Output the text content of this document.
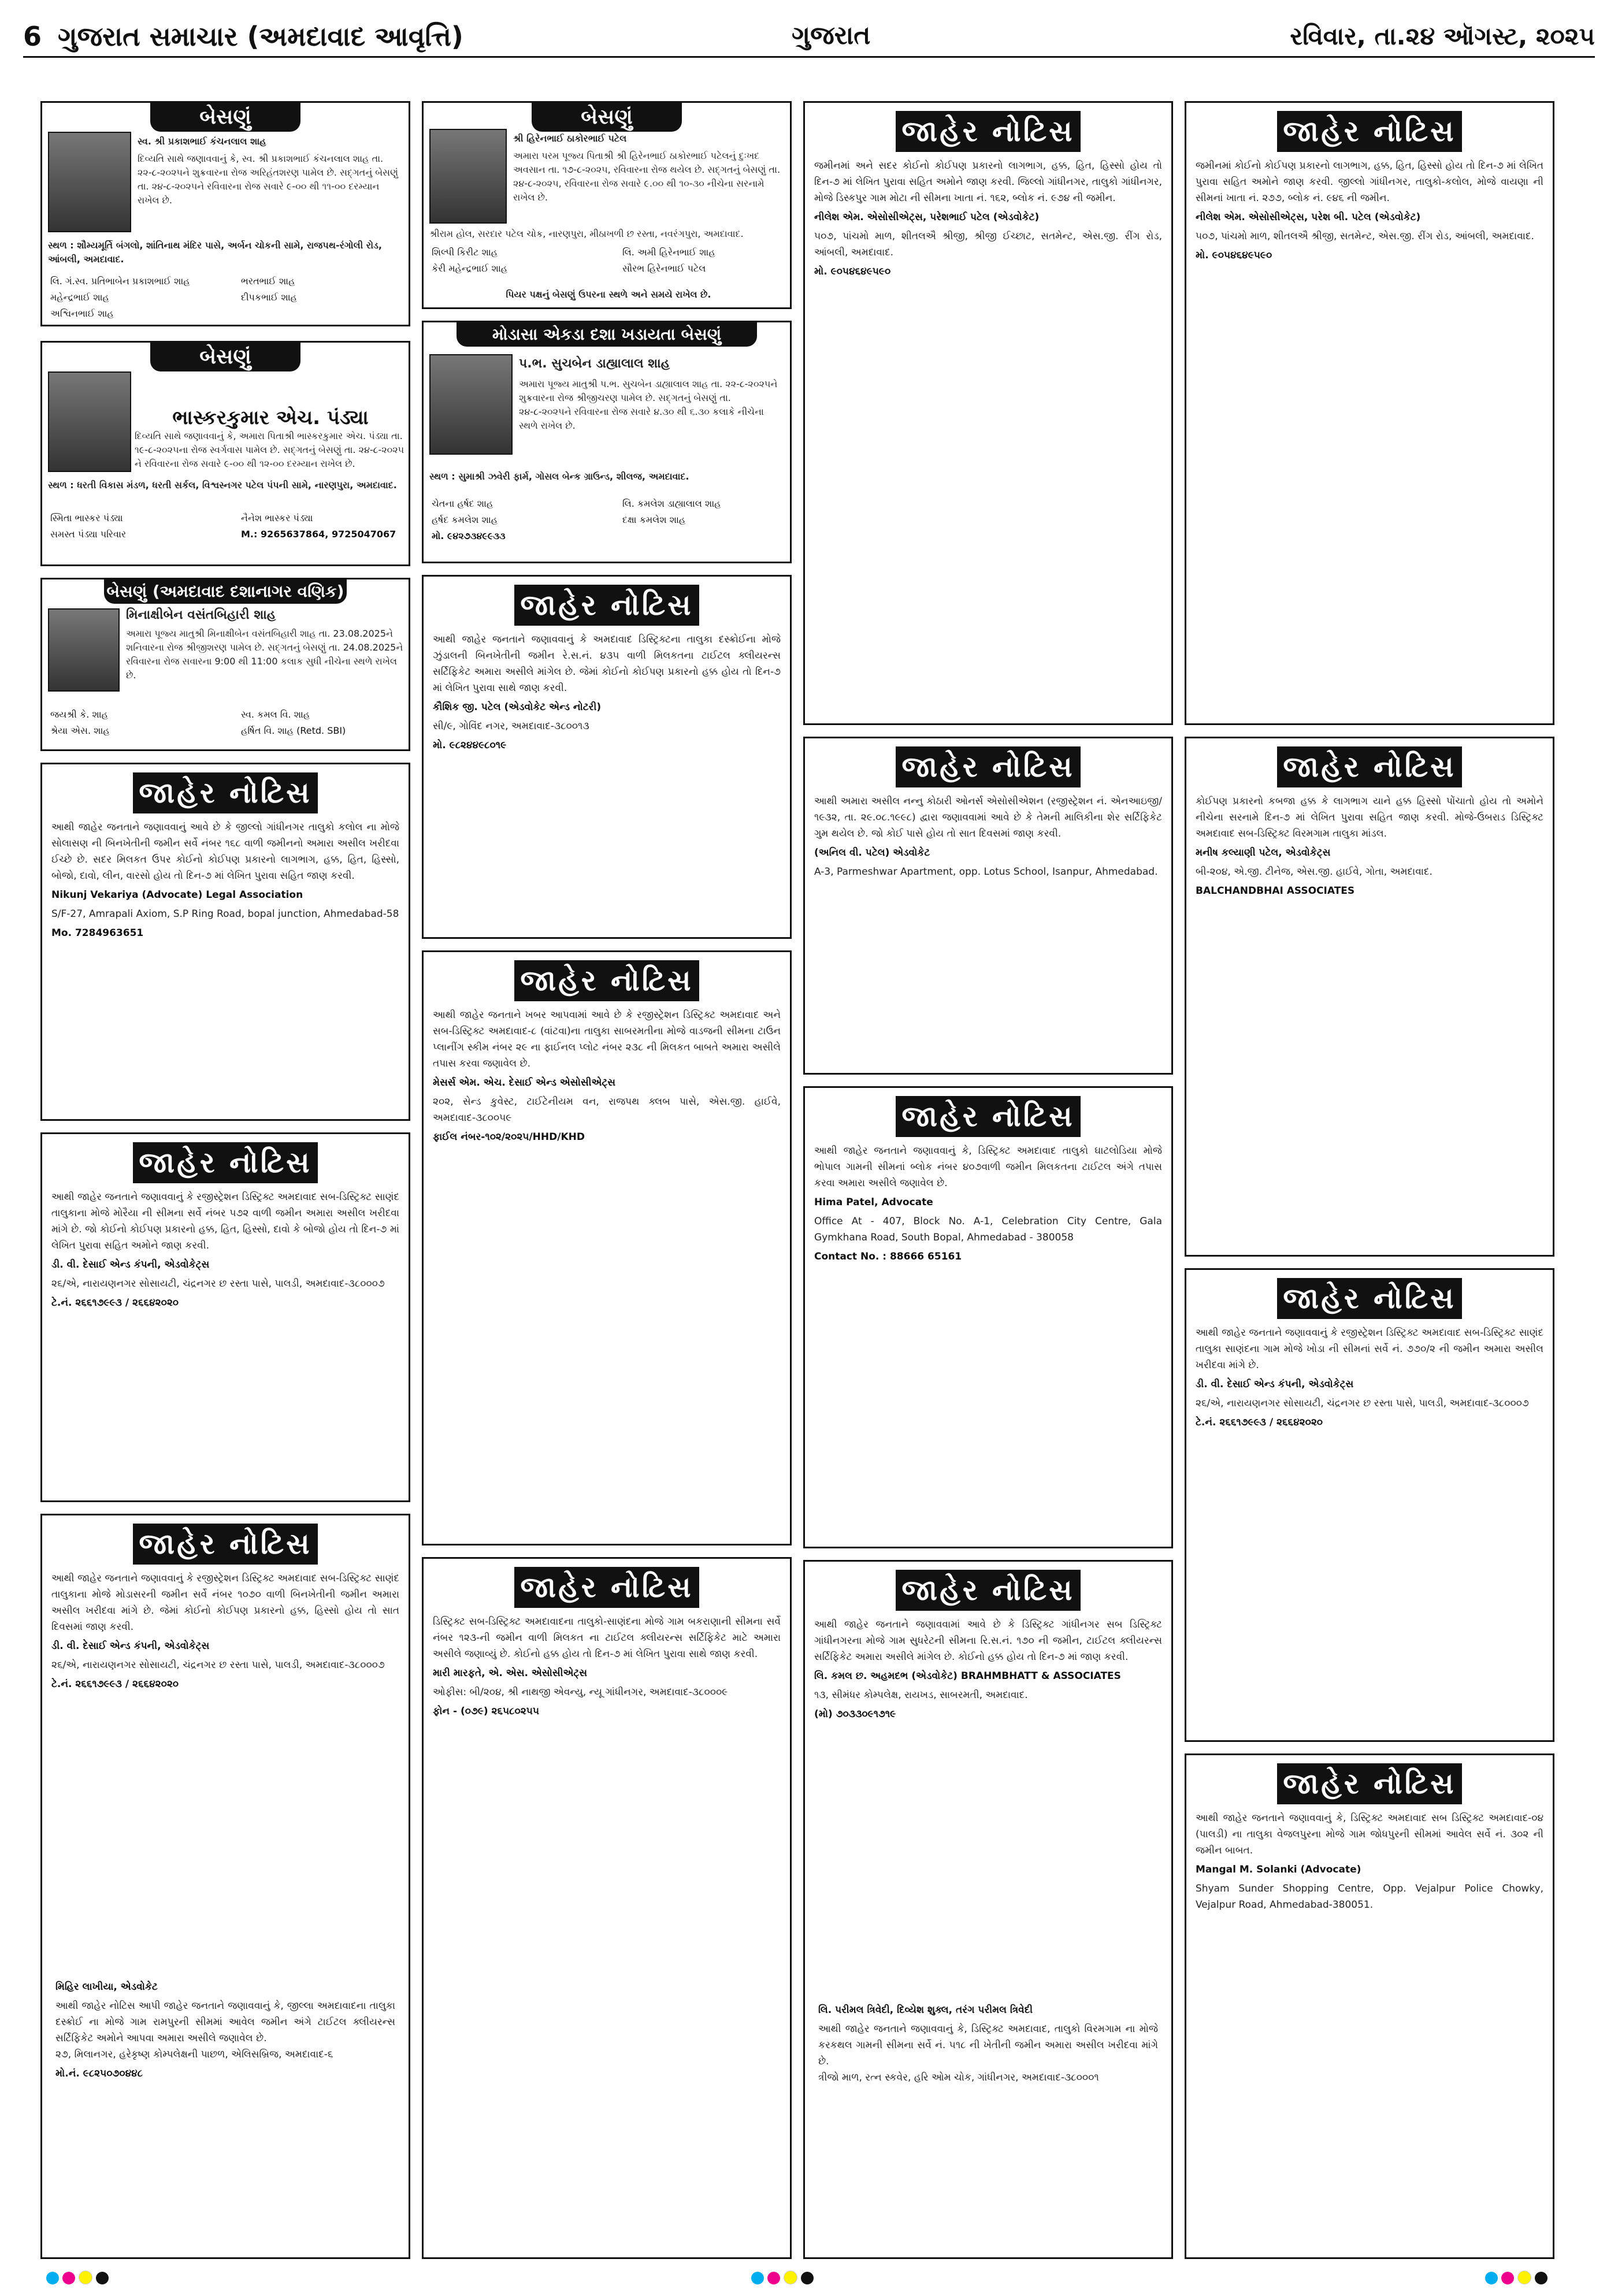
6 ગુજરાત સમાચાર (અમદાવાદ આવૃત્તિ)	ગુજરાત	રવિવાર, તા.૨૪ ઑગસ્ટ, ૨૦૨૫
બેસણું
સ્વ. શ્રી પ્રકાશભાઈ કંચનલાલ શાહ
દિવ્યતિ સાથે જણાવવાનું કે, સ્વ. શ્રી પ્રકાશભાઈ કંચનલાલ શાહ તા. ૨૨-૮-૨૦૨૫ને શુક્રવારના રોજ અરિહંતશરણ પામેલ છે. સદ્‌ગતનું બેસણું તા. ૨૪-૮-૨૦૨૫ને રવિવારના રોજ સવારે ૯-૦૦ થી ૧૧-૦૦ દરમ્યાન રાખેલ છે.
સ્થળ : શૌમ્યમૂર્તિ બંગલો, શાંતિનાથ મંદિર પાસે, અર્બન ચોકની સામે, રાજપથ-રંગોલી રોડ, આંબલી, અમદાવાદ.
લિ. ગં.સ્વ. પ્રતિભાબેન પ્રકાશભાઈ શાહ	ભરતભાઈ શાહ
મહેન્દ્રભાઈ શાહ	દીપકભાઈ શાહ
અશ્વિનભાઈ શાહ
બેસણું
ભાસ્કરકુમાર એચ. પંડ્યા
દિવ્યતિ સાથે જણાવવાનું કે, અમારા પિતાશ્રી ભાસ્કરકુમાર એચ. પંડ્યા તા. ૧૯-૮-૨૦૨૫ના રોજ સ્વર્ગવાસ પામેલ છે. સદ્‌ગતનું બેસણું તા. ૨૪-૮-૨૦૨૫ ને રવિવારના રોજ સવારે ૯-૦૦ થી ૧૨-૦૦ દરમ્યાન રાખેલ છે.
સ્થળ : ધરતી વિકાસ મંડળ, ધરતી સર્કલ, વિશ્વસ્નગર પટેલ પંપની સામે, નારણપુરા, અમદાવાદ.
સ્મિતા ભાસ્કર પંડ્યા	નૈનેશ ભાસ્કર પંડ્યા
સમસ્ત પંડ્યા પરિવાર	M.: 9265637864, 9725047067
બેસણું (અમદાવાદ દશાનાગર વણિક)
મિનાક્ષીબેન વસંતબિહારી શાહ
અમારા પૂજ્ય માતુશ્રી મિનાક્ષીબેન વસંતબિહારી શાહ તા. 23.08.2025ને શનિવારના રોજ શ્રીજીશરણ પામેલ છે. સદ્‌ગતનું બેસણું તા. 24.08.2025ને રવિવારના રોજ સવારના 9:00 થી 11:00 કલાક સુધી નીચેના સ્થળે રાખેલ છે.
જયશ્રી કે. શાહ	સ્વ. કમલ વિ. શાહ
શ્રેયા એસ. શાહ	હર્ષિત વિ. શાહ (Retd. SBI)
બેસણું
શ્રી હિરેનભાઈ ઠાકોરભાઈ પટેલ
અમારા પરમ પૂજ્ય પિતાશ્રી શ્રી હિરેનભાઈ ઠાકોરભાઈ પટેલનું દુઃખદ અવસાન તા. ૧૭-૮-૨૦૨૫, રવિવારના રોજ થયેલ છે. સદ્‌ગતનું બેસણું તા. ૨૪-૮-૨૦૨૫, રવિવારના રોજ સવારે ૯.૦૦ થી ૧૦-૩૦ નીચેના સરનામે રાખેલ છે.
શ્રીરામ હોલ, સરદાર પટેલ ચોક, નારણપુરા, મીઠાખળી છ રસ્તા, નવરંગપુરા, અમદાવાદ.
શિલ્પી કિરીટ શાહ	લિ. અમી હિરેનભાઈ શાહ
કેરી મહેન્દ્રભાઈ શાહ	સૌરભ હિરેનભાઈ પટેલ
પિયર પક્ષનું બેસણું ઉપરના સ્થળે અને સમયે રાખેલ છે.
મોડાસા એકડા દશા ખડાયતા બેસણું
પ.ભ. સુચબેન ડાહ્યાલાલ શાહ
અમારા પૂજ્ય માતુશ્રી પ.ભ. સુચબેન ડાહ્યાલાલ શાહ તા. ૨૨-૮-૨૦૨૫ને શુક્રવારના રોજ શ્રીજીચરણ પામેલ છે. સદ્‌ગતનું બેસણું તા. ૨૪-૮-૨૦૨૫ને રવિવારના રોજ સવારે ૪.૩૦ થી ૬.૩૦ કલાકે નીચેના સ્થળે રાખેલ છે.
સ્થળ : સુમાશ્રી ઝવેરી ફાર્મ, ગોસલ બેન્ક ગ્રાઉન્ડ, શીલજ, અમદાવાદ.
ચેતના હર્ષદ શાહ	લિ. કમલેશ ડાહ્યાલાલ શાહ
હર્ષદ કમલેશ શાહ	દક્ષા કમલેશ શાહ
મો. ૯૪૨૭૩૪૯૯૩૩
જાહેર નોટિસ
આથી જાહેર જનતાને જણાવવાનું આવે છે કે જીલ્લો ગાંધીનગર તાલુકો કલોલ ના મોજે સોલાસણ ની બિનખેતીની જમીન સર્વે નંબર ૧૬૮ વાળી જમીનનો અમારા અસીલ ખરીદવા ઈચ્છે છે. સદર મિલકત ઉપર કોઈનો કોઈપણ પ્રકારનો લાગભાગ, હક્ક, હિત, હિસ્સો, બોજો, દાવો, લીન, વારસો હોય તો દિન-૭ માં લેખિત પુરાવા સહિત જાણ કરવી.
Nikunj Vekariya (Advocate) Legal Association
S/F-27, Amrapali Axiom, S.P Ring Road, bopal junction, Ahmedabad-58
Mo. 7284963651
જાહેર નોટિસ
આથી જાહેર જનતાને જણાવવાનું કે રજીસ્ટ્રેશન ડિસ્ટ્રિક્ટ અમદાવાદ સબ-ડિસ્ટ્રિક્ટ સાણંદ તાલુકાના મોજે મોરૈયા ની સીમના સર્વે નંબર ૫૭૨ વાળી જમીન અમારા અસીલ ખરીદવા માંગે છે. જો કોઈનો કોઈપણ પ્રકારનો હક્ક, હિત, હિસ્સો, દાવો કે બોજો હોય તો દિન-૭ માં લેખિત પુરાવા સહિત અમોને જાણ કરવી.
ડી. વી. દેસાઈ એન્ડ કંપની, એડવોકેટ્સ
૨૬/એ, નારાયણનગર સોસાયટી, ચંદ્રનગર છ રસ્તા પાસે, પાલડી, અમદાવાદ-૩૮૦૦૦૭
ટે.નં. ૨૬૬૧૭૯૯૩ / ૨૬૬૪૨૦૨૦
જાહેર નોટિસ
આથી જાહેર જનતાને જણાવવાનું કે રજીસ્ટ્રેશન ડિસ્ટ્રિક્ટ અમદાવાદ સબ-ડિસ્ટ્રિક્ટ સાણંદ તાલુકાના મોજે મોડાસરની જમીન સર્વે નંબર ૧૦૭૦ વાળી બિનખેતીની જમીન અમારા અસીલ ખરીદવા માંગે છે. જેમાં કોઈનો કોઈપણ પ્રકારનો હક્ક, હિસ્સો હોય તો સાત દિવસમાં જાણ કરવી.
ડી. વી. દેસાઈ એન્ડ કંપની, એડવોકેટ્સ
૨૬/એ, નારાયણનગર સોસાયટી, ચંદ્રનગર છ રસ્તા પાસે, પાલડી, અમદાવાદ-૩૮૦૦૦૭
ટે.નં. ૨૬૬૧૭૯૯૩ / ૨૬૬૪૨૦૨૦
જાહેર નોટિસ
આથી જાહેર જનતાને જણાવવાનું કે અમદાવાદ ડિસ્ટ્રિક્ટના તાલુકા દસ્ક્રોઈના મોજે ઝુંડાલની બિનખેતીની જમીન રે.સ.નં. ૪૩૫ વાળી મિલકતના ટાઈટલ ક્લીયરન્સ સર્ટિફિકેટ અમારા અસીલે માંગેલ છે. જેમાં કોઈનો કોઈપણ પ્રકારનો હક્ક હોય તો દિન-૭ માં લેખિત પુરાવા સાથે જાણ કરવી.
કૌશિક જી. પટેલ (એડવોકેટ એન્ડ નોટરી)
સી/૯, ગોવિંદ નગર, અમદાવાદ-૩૮૦૦૧૩
મો. ૯૮૨૪૪૯૮૦૧૯
જાહેર નોટિસ
આથી જાહેર જનતાને ખબર આપવામાં આવે છે કે રજીસ્ટ્રેશન ડિસ્ટ્રિક્ટ અમદાવાદ અને સબ-ડિસ્ટ્રિક્ટ અમદાવાદ-૮ (વાંટવા)ના તાલુકા સાબરમતીના મોજે વાડજની સીમના ટાઉન પ્લાનીંગ સ્કીમ નંબર ૨૯ ના ફાઈનલ પ્લોટ નંબર ૨૩૮ ની મિલકત બાબતે અમારા અસીલે તપાસ કરવા જણાવેલ છે.
મેસર્સ એમ. એચ. દેસાઈ એન્ડ એસોસીએટ્સ
૨૦૨, સેન્ડ કુવેસ્ટ, ટાઈટેનીયમ વન, રાજપથ ક્લબ પાસે, એસ.જી. હાઈવે, અમદાવાદ-૩૮૦૦૫૯
ફાઈલ નંબર-૧૦૨/૨૦૨૫/HHD/KHD
જાહેર નોટિસ
ડિસ્ટ્રિક્ટ સબ-ડિસ્ટ્રિક્ટ અમદાવાદના તાલુકો-સાણંદના મોજે ગામ બકરાણાની સીમના સર્વે નંબર ૧૨૩-ની જમીન વાળી મિલકત ના ટાઈટલ ક્લીયરન્સ સર્ટિફિકેટ માટે અમારા અસીલે જણાવ્યું છે. કોઈનો હક્ક હોય તો દિન-૭ માં લેખિત પુરાવા સાથે જાણ કરવી.
મારી મારફતે, એ. એસ. એસોસીએટ્સ
ઓફીસ: બી/૨૦૪, શ્રી નાથજી એવન્યુ, ન્યૂ ગાંધીનગર, અમદાવાદ-૩૮૦૦૦૯
ફોન - (૦૭૯) ૨૬૫૮૦૨૫૫
જાહેર નોટિસ
જમીનમાં અને સદર કોઈનો કોઈપણ પ્રકારનો લાગભાગ, હક્ક, હિત, હિસ્સો હોય તો દિન-૭ માં લેખિત પુરાવા સહિત અમોને જાણ કરવી. જિલ્લો ગાંધીનગર, તાલુકો ગાંધીનગર, મોજે ડિસ્કપુર ગામ મોટા ની સીમના ખાતા નં. ૧૬૨, બ્લોક નં. ૯૭૪ ની જમીન.
નીલેશ એમ. એસોસીએટ્સ, પરેશભાઈ પટેલ (એડવોકેટ)
૫૦૭, પાંચમો માળ, શીતલઐ શ્રીજી, શ્રીજી ઈચ્છાટ, સતમેન્ટ, એસ.જી. રીંગ રોડ, આંબલી, અમદાવાદ.
મો. ૯૦૫૪૬૪૯૫૯૦
જાહેર નોટિસ
આથી અમારા અસીલ નન્નુ કોઠારી ઓનર્સ એસોસીએશન (રજીસ્ટ્રેશન નં. એનઆઇજી/૧૯૩૨, તા. ૨૯.૦૮.૧૯૯૮) દ્વારા જણાવવામાં આવે છે કે તેમની માલિકીના શેર સર્ટિફિકેટ ગુમ થયેલ છે. જો કોઈ પાસે હોય તો સાત દિવસમાં જાણ કરવી.
(અનિલ વી. પટેલ) એડવોકેટ
A-3, Parmeshwar Apartment, opp. Lotus School, Isanpur, Ahmedabad.
જાહેર નોટિસ
આથી જાહેર જનતાને જણાવવાનું કે, ડિસ્ટ્રિક્ટ અમદાવાદ તાલુકો ઘાટલોડિયા મોજે ભોપાલ ગામની સીમનાં બ્લોક નંબર ૪૦૭વાળી જમીન મિલકતના ટાઈટલ અંગે તપાસ કરવા અમારા અસીલે જણાવેલ છે.
Hima Patel, Advocate
Office At - 407, Block No. A-1, Celebration City Centre, Gala Gymkhana Road, South Bopal, Ahmedabad - 380058
Contact No. : 88666 65161
જાહેર નોટિસ
આથી જાહેર જનતાને જણાવવામાં આવે છે કે ડિસ્ટ્રિક્ટ ગાંધીનગર સબ ડિસ્ટ્રિક્ટ ગાંધીનગરના મોજે ગામ સુધરેટની સીમના રિ.સ.નં. ૧૭૦ ની જમીન, ટાઈટલ ક્લીયરન્સ સર્ટિફિકેટ અમારા અસીલે માંગેલ છે. કોઈનો હક્ક હોય તો દિન-૭ માં જાણ કરવી.
લિ. કમલ છ. અહમદભ (એડવોકેટ) BRAHMBHATT & ASSOCIATES
૧૩, સીમંધર કોમ્પલેક્ષ, રાયખડ, સાબરમતી, અમદાવાદ.
(મો) ૭૦૩૩૦૯૧૭૧૯
જાહેર નોટિસ
જમીનમાં કોઈનો કોઈપણ પ્રકારનો લાગભાગ, હક્ક, હિત, હિસ્સો હોય તો દિન-૭ માં લેખિત પુરાવા સહિત અમોને જાણ કરવી. જીલ્લો ગાંધીનગર, તાલુકો-કલોલ, મોજે વાયણા ની સીમનાં ખાતા નં. ૨૭૭, બ્લોક નં. ૯૪૬ ની જમીન.
નીલેશ એમ. એસોસીએટ્સ, પરેશ બી. પટેલ (એડવોકેટ)
૫૦૭, પાંચમો માળ, શીતલઐ શ્રીજી, સતમેન્ટ, એસ.જી. રીંગ રોડ, આંબલી, અમદાવાદ.
મો. ૯૦૫૪૬૪૯૫૯૦
જાહેર નોટિસ
કોઈપણ પ્રકારનો કબજા હક્ક કે લાગભાગ યાને હક્ક હિસ્સો પોંચાતો હોય તો અમોને નીચેના સરનામે દિન-૭ માં લેખિત પુરાવા સહિત જાણ કરવી. મોજે-ઉબરાડ ડિસ્ટ્રિક્ટ અમદાવાદ સબ-ડિસ્ટ્રિક્ટ વિરમગામ તાલુકા માંડલ.
મનીષ કલ્યાણી પટેલ, એડવોકેટ્સ
બી-૨૦૪, એ.જી. ટીનેજ, એસ.જી. હાઈવે, ગોતા, અમદાવાદ.
BALCHANDBHAI ASSOCIATES
જાહેર નોટિસ
આથી જાહેર જનતાને જણાવવાનું કે રજીસ્ટ્રેશન ડિસ્ટ્રિક્ટ અમદાવાદ સબ-ડિસ્ટ્રિક્ટ સાણંદ તાલુકા સાણંદના ગામ મોજે ખોડા ની સીમનાં સર્વે નં. ૭૭૦/૨ ની જમીન અમારા અસીલ ખરીદવા માંગે છે.
ડી. વી. દેસાઈ એન્ડ કંપની, એડવોકેટ્સ
૨૬/એ, નારાયણનગર સોસાયટી, ચંદ્રનગર છ રસ્તા પાસે, પાલડી, અમદાવાદ-૩૮૦૦૦૭
ટે.નં. ૨૬૬૧૭૯૯૩ / ૨૬૬૪૨૦૨૦
જાહેર નોટિસ
આથી જાહેર જનતાને જણાવવાનું કે, ડિસ્ટ્રિક્ટ અમદાવાદ સબ ડિસ્ટ્રિક્ટ અમદાવાદ-૦૪ (પાલડી) ના તાલુકા વેજલપુરના મોજે ગામ જોધપુરની સીમમાં આવેલ સર્વે નં. ૩૦૨ ની જમીન બાબત.
Mangal M. Solanki (Advocate)
Shyam Sunder Shopping Centre, Opp. Vejalpur Police Chowky, Vejalpur Road, Ahmedabad-380051.
મિહિર લાખીયા, એડવોકેટ
આથી જાહેર નોટિસ આપી જાહેર જનતાને જણાવવાનું કે, જીલ્લા અમદાવાદના તાલુકા દસ્ક્રોઈ ના મોજે ગામ રામપુરની સીમમાં આવેલ જમીન અંગે ટાઈટલ ક્લીયરન્સ સર્ટિફિકેટ અમોને આપવા અમારા અસીલે જણાવેલ છે.
૨૭, મિલાનગર, હરેકૃષ્ણ કોમ્પલેક્ષની પાછળ, એલિસબ્રિજ, અમદાવાદ-૬
મો.નં. ૯૮૨૫૦૭૦૪૪૮
લિ. પરીમલ ત્રિવેદી, દિવ્યેશ શુક્લ, તરંગ પરીમલ ત્રિવેદી
આથી જાહેર જનતાને જણાવવાનું કે, ડિસ્ટ્રિક્ટ અમદાવાદ, તાલુકો વિરમગામ ના મોજે કરકથલ ગામની સીમના સર્વે નં. ૫૧૮ ની ખેતીની જમીન અમારા અસીલ ખરીદવા માંગે છે.
ત્રીજો માળ, રત્ન સ્કવેર, હરિ ઓમ ચોક, ગાંધીનગર, અમદાવાદ-૩૮૦૦૦૧
